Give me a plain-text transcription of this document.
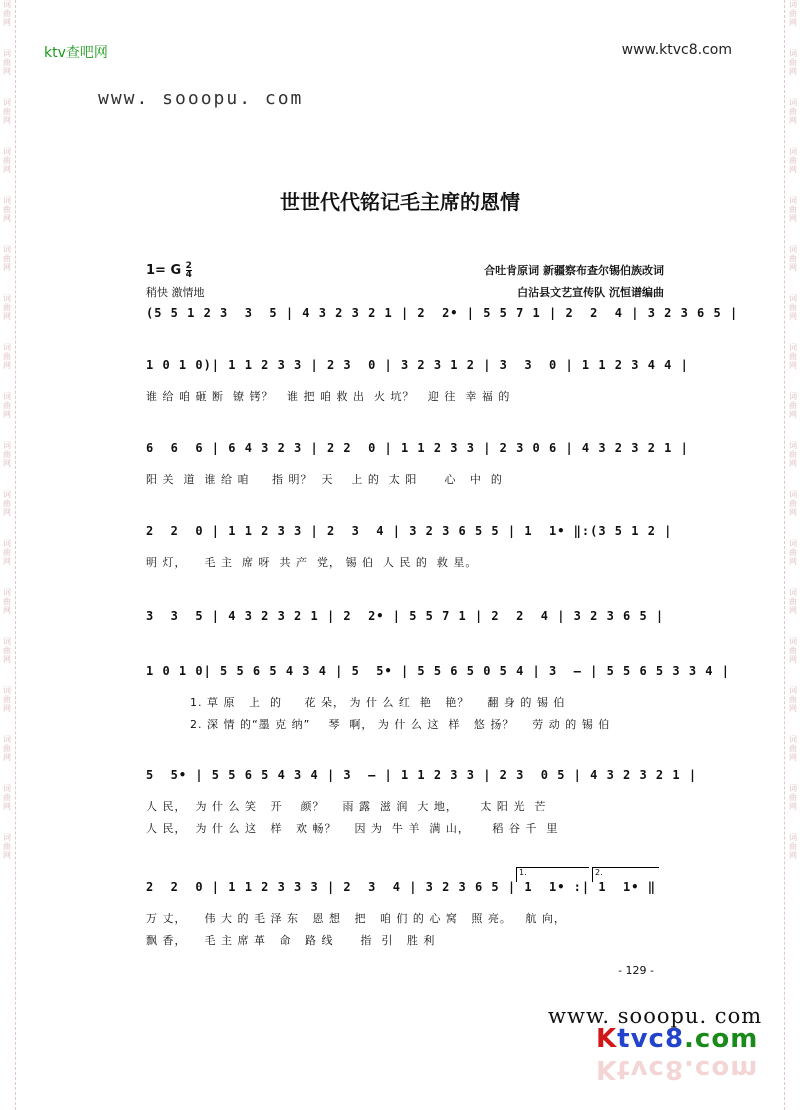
词
曲
网
词
曲
网
词
曲
网
词
曲
网
词
曲
网
词
曲
网
词
曲
网
词
曲
网
词
曲
网
词
曲
网
词
曲
网
词
曲
网
词
曲
网
词
曲
网
词
曲
网
词
曲
网
词
曲
网
词
曲
网
词
曲
网
词
曲
网
词
曲
网
词
曲
网
词
曲
网
词
曲
网
词
曲
网
词
曲
网
词
曲
网
词
曲
网
词
曲
网
词
曲
网
词
曲
网
词
曲
网
词
曲
网
词
曲
网
词
曲
网
词
曲
网
ktv查吧网	www.ktvc8.com
www. sooopu. com
世世代代铭记毛主席的恩情
1= G $\frac{2}{4}$
稍快 激情地
合吐肯原词 新疆察布查尔锡伯族改词
白沾县文艺宣传队 沉恒谱编曲
(5 5 1 2 3  3  5 | 4 3 2 3 2 1 | 2  2• | 5 5 7 1 | 2  2  4 | 3 2 3 6 5 |
1 0 1 0)| 1 1 2 3 3 | 2 3  0 | 3 2 3 1 2 | 3  3  0 | 1 1 2 3 4 4 |
谁 给 咱 砸 断  镣 铐？   谁 把 咱 救 出  火 坑？   迎 往  幸 福 的
6  6  6 | 6 4 3 2 3 | 2 2  0 | 1 1 2 3 3 | 2 3 0 6 | 4 3 2 3 2 1 |
阳 关  道  谁 给 咱     指 明？  天    上 的  太 阳      心   中  的
2  2  0 | 1 1 2 3 3 | 2  3  4 | 3 2 3 6 5 5 | 1  1• ‖:(3 5 1 2 |
明 灯，    毛 主  席 呀  共 产  党， 锡 伯  人 民 的  救 星。
3  3  5 | 4 3 2 3 2 1 | 2  2• | 5 5 7 1 | 2  2  4 | 3 2 3 6 5 |
1 0 1 0| 5 5 6 5 4 3 4 | 5  5• | 5 5 6 5 0 5 4 | 3  — | 5 5 6 5 3 3 4 |
1. 草 原   上  的     花 朵， 为 什 么 红  艳   艳？    翻 身 的 锡 伯
2. 深 情 的“墨 克 纳”    琴  啊， 为 什 么 这  样   悠 扬？    劳 动 的 锡 伯
5  5• | 5 5 6 5 4 3 4 | 3  — | 1 1 2 3 3 | 2 3  0 5 | 4 3 2 3 2 1 |
人 民，  为 什 么 笑   开    颜？    雨 露  滋 润  大 地，     太 阳 光  芒
人 民，  为 什 么 这   样   欢 畅？    因 为  牛 羊  满 山，     稻 谷 千  里
2  2  0 | 1 1 2 3 3 3 | 2  3  4 | 3 2 3 6 5 | 1  1• :| 1  1• ‖
万 丈，    伟 大 的 毛 泽 东   恩 想   把   咱 们 的 心 窝   照 亮。   航 向，
飘 香，    毛 主 席 革   命   路 线      指  引   胜 利
1.	2.
- 129 -
www. sooopu. com
Ktvc8.com
Ktvc8.com
